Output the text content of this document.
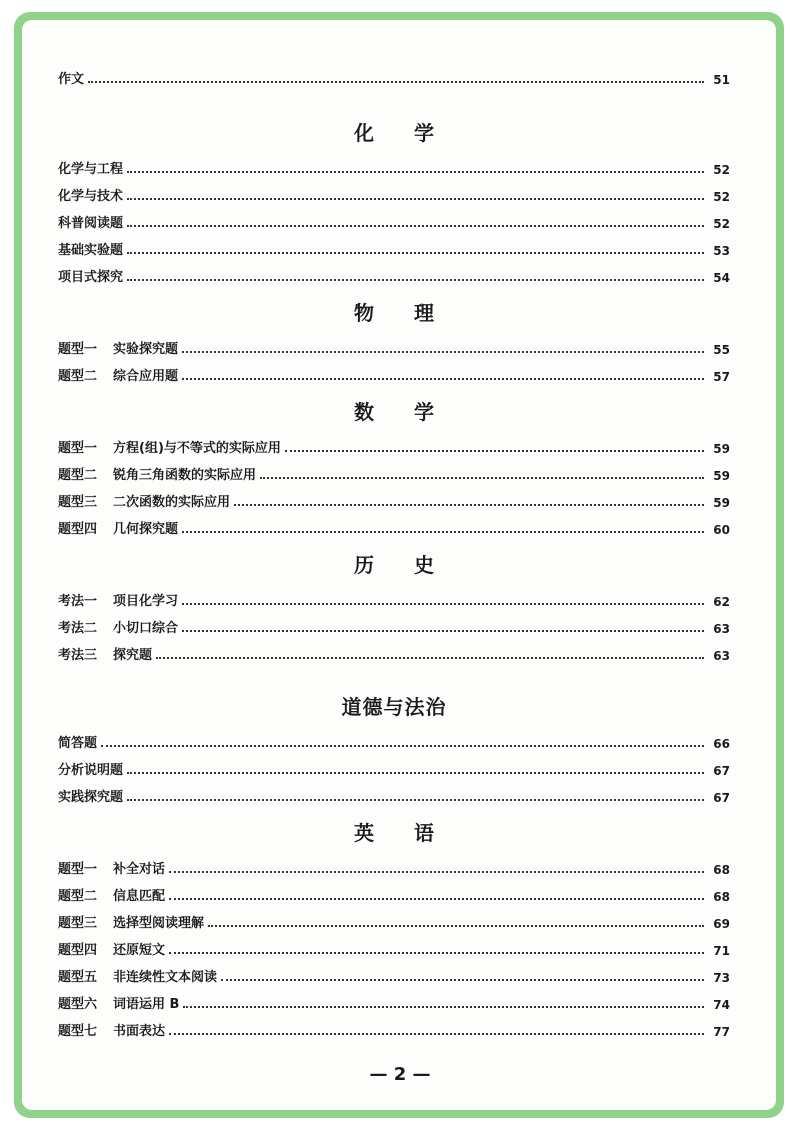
作文	51
化学
化学与工程	52
化学与技术	52
科普阅读题	52
基础实验题	53
项目式探究	54
物理
题型一 实验探究题	55
题型二 综合应用题	57
数学
题型一 方程(组)与不等式的实际应用	59
题型二 锐角三角函数的实际应用	59
题型三 二次函数的实际应用	59
题型四 几何探究题	60
历史
考法一 项目化学习	62
考法二 小切口综合	63
考法三 探究题	63
道德与法治
简答题	66
分析说明题	67
实践探究题	67
英语
题型一 补全对话	68
题型二 信息匹配	68
题型三 选择型阅读理解	69
题型四 还原短文	71
题型五 非连续性文本阅读	73
题型六 词语运用 B	74
题型七 书面表达	77
— 2 —
